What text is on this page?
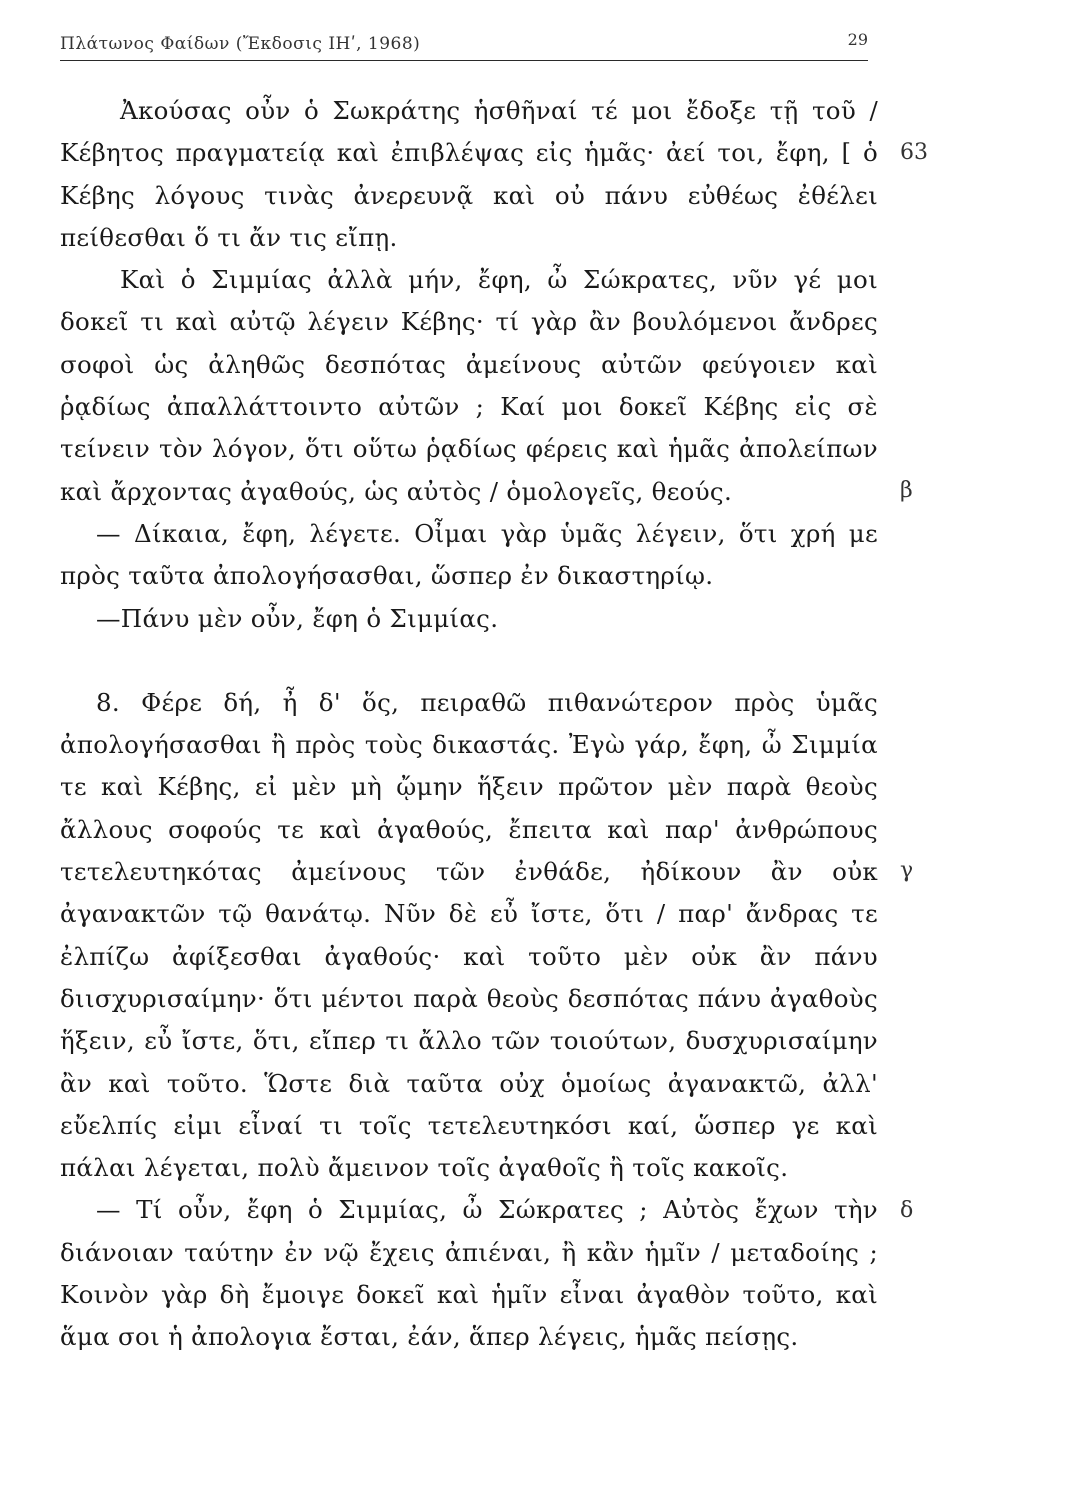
Πλάτωνος Φαίδων (Ἔκδοσις ΙΗʹ, 1968)	29

Ἀκούσας οὖν ὁ Σωκράτης ἡσθῆναί τέ μοι ἔδοξε τῇ τοῦ / Κέβητος πραγματείᾳ καὶ ἐπιβλέψας εἰς ἡμᾶς· ἀεί τοι, ἔφη, [ ὁ Κέβης λόγους τινὰς ἀνερευνᾷ καὶ οὐ πάνυ εὐθέως ἐθέλει πείθεσθαι ὅ τι ἄν τις εἴπῃ.

Καὶ ὁ Σιμμίας ἀλλὰ μήν, ἔφη, ὦ Σώκρατες, νῦν γέ μοι δοκεῖ τι καὶ αὐτῷ λέγειν Κέβης· τί γὰρ ἂν βουλόμενοι ἄνδρες σοφοὶ ὡς ἀληθῶς δεσπότας ἀμείνους αὐτῶν φεύγοιεν καὶ ῥᾳδίως ἀπαλλάττοιντο αὐτῶν ; Καί μοι δοκεῖ Κέβης εἰς σὲ τείνειν τὸν λόγον, ὅτι οὕτω ῥᾳδίως φέρεις καὶ ἡμᾶς ἀπολείπων καὶ ἄρχοντας ἀγαθούς, ὡς αὐτὸς / ὁμολογεῖς, θεούς.

— Δίκαια, ἔφη, λέγετε. Οἶμαι γὰρ ὑμᾶς λέγειν, ὅτι χρή με πρὸς ταῦτα ἀπολογήσασθαι, ὥσπερ ἐν δικαστηρίῳ.

—Πάνυ μὲν οὖν, ἔφη ὁ Σιμμίας.

8. Φέρε δή, ἦ δ' ὅς, πειραθῶ πιθανώτερον πρὸς ὑμᾶς ἀπολογήσασθαι ἢ πρὸς τοὺς δικαστάς. Ἐγὼ γάρ, ἔφη, ὦ Σιμμία τε καὶ Κέβης, εἰ μὲν μὴ ᾤμην ἥξειν πρῶτον μὲν παρὰ θεοὺς ἄλλους σοφούς τε καὶ ἀγαθούς, ἔπειτα καὶ παρ' ἀνθρώπους τετελευτηκότας ἀμείνους τῶν ἐνθάδε, ἠδίκουν ἂν οὐκ ἀγανακτῶν τῷ θανάτῳ. Νῦν δὲ εὖ ἴστε, ὅτι / παρ' ἄνδρας τε ἐλπίζω ἀφίξεσθαι ἀγαθούς· καὶ τοῦτο μὲν οὐκ ἂν πάνυ διισχυρισαίμην· ὅτι μέντοι παρὰ θεοὺς δεσπότας πάνυ ἀγαθοὺς ἥξειν, εὖ ἴστε, ὅτι, εἴπερ τι ἄλλο τῶν τοιούτων, δυσχυρισαίμην ἂν καὶ τοῦτο. Ὥστε διὰ ταῦτα οὐχ ὁμοίως ἀγανακτῶ, ἀλλ' εὔελπίς εἰμι εἶναί τι τοῖς τετελευτηκόσι καί, ὥσπερ γε καὶ πάλαι λέγεται, πολὺ ἄμεινον τοῖς ἀγαθοῖς ἢ τοῖς κακοῖς.

— Τί οὖν, ἔφη ὁ Σιμμίας, ὦ Σώκρατες ; Αὐτὸς ἔχων τὴν διάνοιαν ταύτην ἐν νῷ ἔχεις ἀπιέναι, ἢ κἂν ἡμῖν / μεταδοίης ; Κοινὸν γὰρ δὴ ἔμοιγε δοκεῖ καὶ ἡμῖν εἶναι ἀγαθὸν τοῦτο, καὶ ἅμα σοι ἡ ἀπολογια ἔσται, ἐάν, ἅπερ λέγεις, ἡμᾶς πείσῃς.

63
β
γ
δ
